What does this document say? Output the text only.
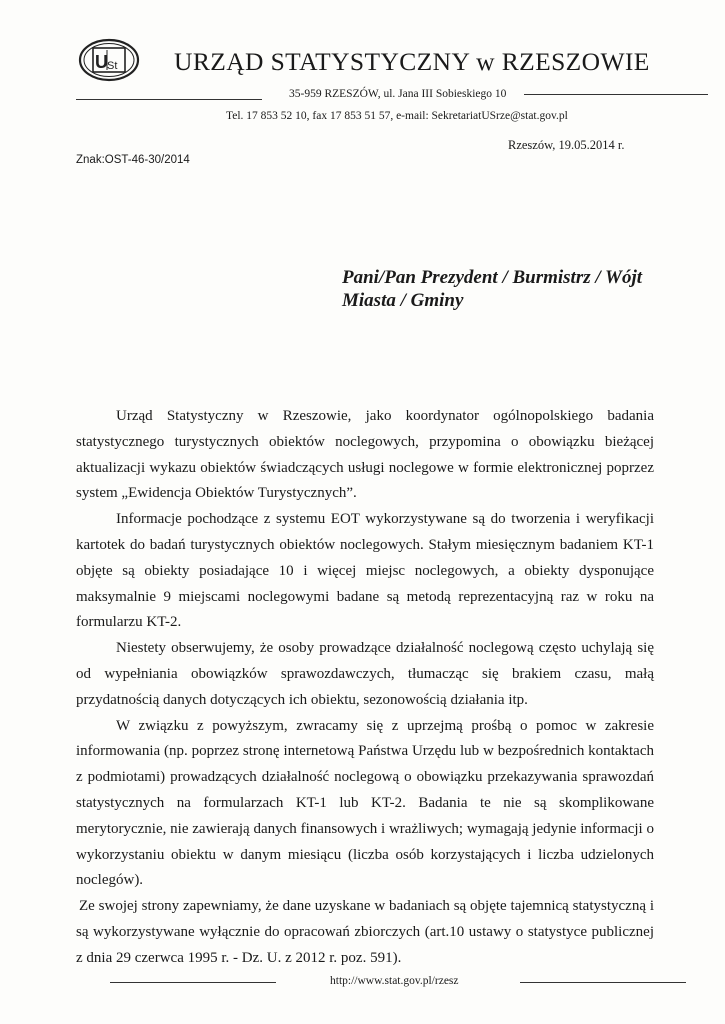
U St URZĄD STATYSTYCZNY w RZESZOWIE
35-959 RZESZÓW, ul. Jana III Sobieskiego 10
Tel. 17 853 52 10, fax 17 853 51 57, e-mail: SekretariatUSrze@stat.gov.pl
Rzeszów, 19.05.2014 r.
Znak:OST-46-30/2014
Pani/Pan Prezydent / Burmistrz / Wójt
Miasta / Gminy

Urząd Statystyczny w Rzeszowie, jako koordynator ogólnopolskiego badania statystycznego turystycznych obiektów noclegowych, przypomina o obowiązku bieżącej aktualizacji wykazu obiektów świadczących usługi noclegowe w formie elektronicznej poprzez system „Ewidencja Obiektów Turystycznych”.

Informacje pochodzące z systemu EOT wykorzystywane są do tworzenia i weryfikacji kartotek do badań turystycznych obiektów noclegowych. Stałym miesięcznym badaniem KT-1 objęte są obiekty posiadające 10 i więcej miejsc noclegowych, a obiekty dysponujące maksymalnie 9 miejscami noclegowymi badane są metodą reprezentacyjną raz w roku na formularzu KT-2.

Niestety obserwujemy, że osoby prowadzące działalność noclegową często uchylają się od wypełniania obowiązków sprawozdawczych, tłumacząc się brakiem czasu, małą przydatnością danych dotyczących ich obiektu, sezonowością działania itp.

W związku z powyższym, zwracamy się z uprzejmą prośbą o pomoc w zakresie informowania (np. poprzez stronę internetową Państwa Urzędu lub w bezpośrednich kontaktach z podmiotami) prowadzących działalność noclegową o obowiązku przekazywania sprawozdań statystycznych na formularzach KT-1 lub KT-2. Badania te nie są skomplikowane merytorycznie, nie zawierają danych finansowych i wrażliwych; wymagają jedynie informacji o wykorzystaniu obiektu w danym miesiącu (liczba osób korzystających i liczba udzielonych noclegów).

Ze swojej strony zapewniamy, że dane uzyskane w badaniach są objęte tajemnicą statystyczną i są wykorzystywane wyłącznie do opracowań zbiorczych (art.10 ustawy o statystyce publicznej z dnia 29 czerwca 1995 r. - Dz. U. z 2012 r. poz. 591).

http://www.stat.gov.pl/rzesz
